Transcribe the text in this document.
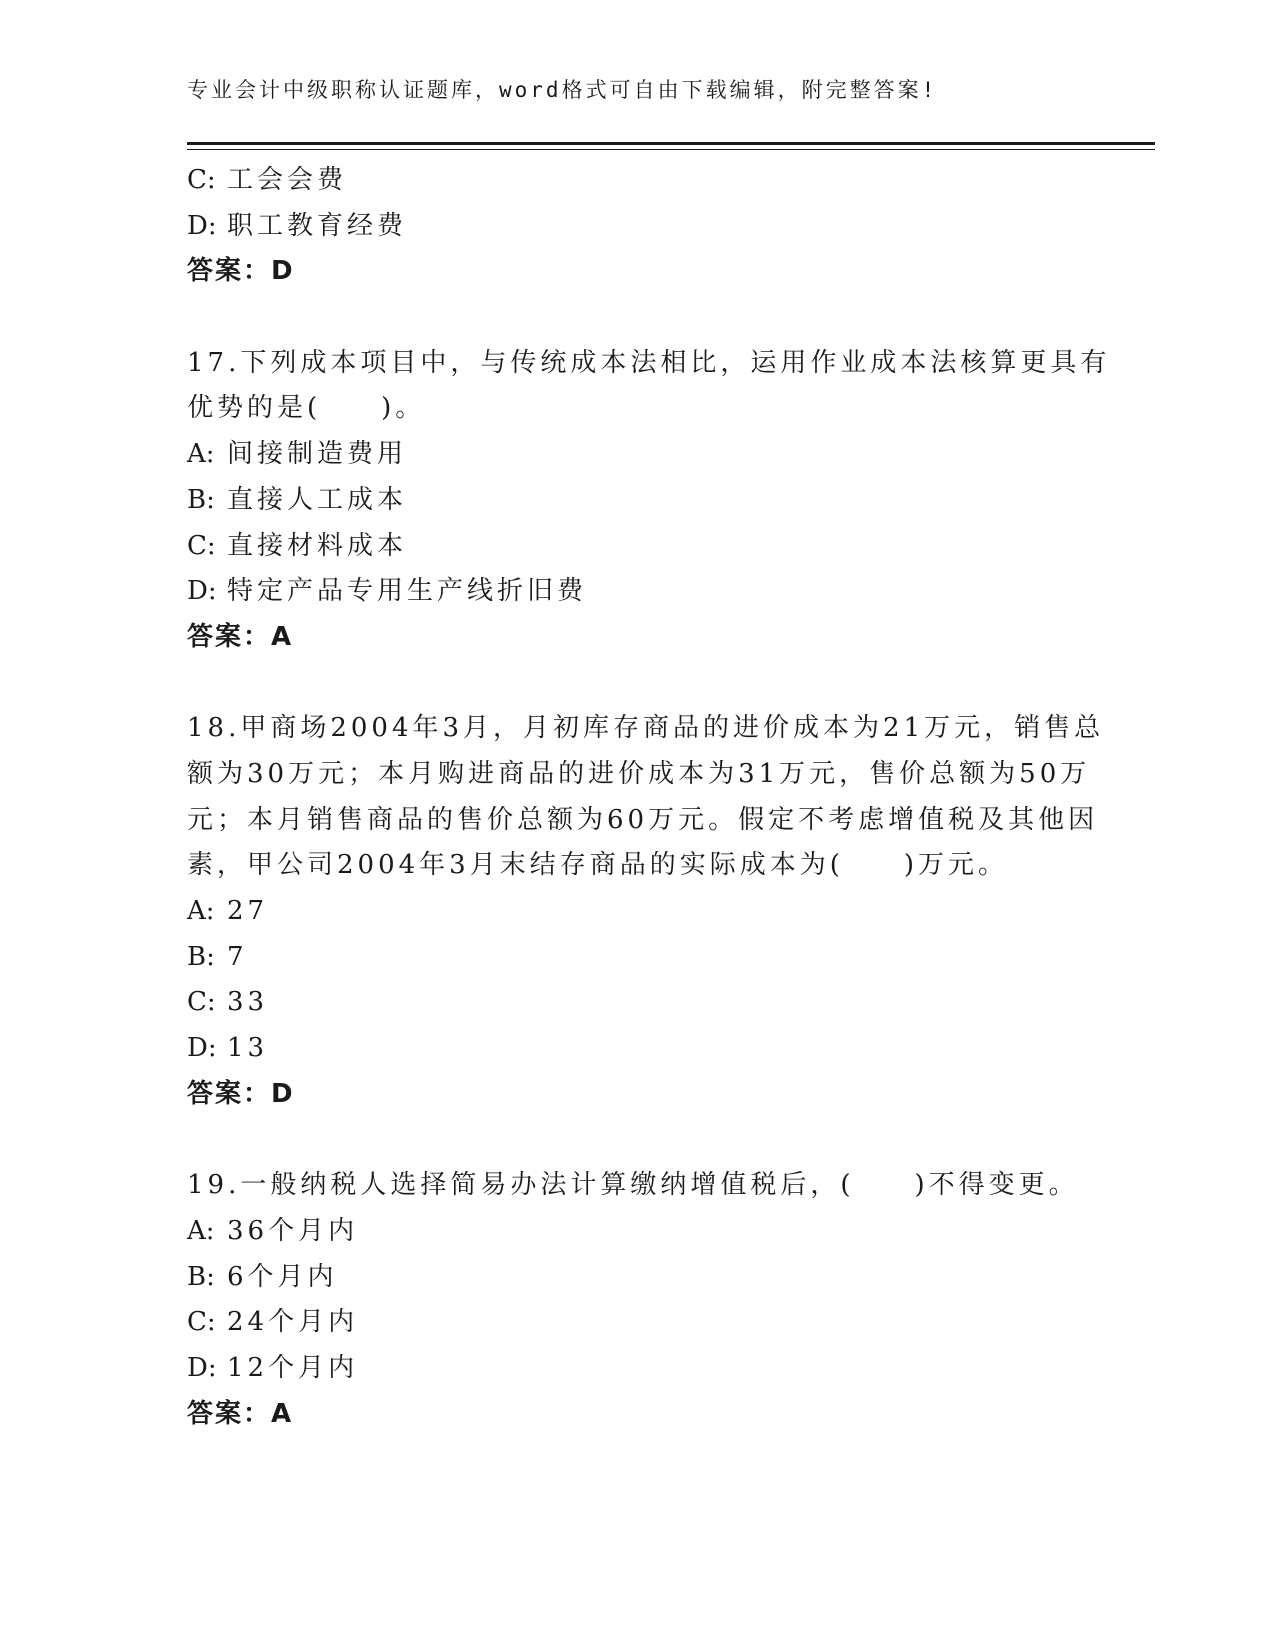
专业会计中级职称认证题库，word格式可自由下载编辑，附完整答案!
C: 工会会费
D: 职工教育经费
答案：D
17.下列成本项目中，与传统成本法相比，运用作业成本法核算更具有
优势的是(　　)。
A: 间接制造费用
B: 直接人工成本
C: 直接材料成本
D: 特定产品专用生产线折旧费
答案：A
18.甲商场2004年3月，月初库存商品的进价成本为21万元，销售总
额为30万元；本月购进商品的进价成本为31万元，售价总额为50万
元；本月销售商品的售价总额为60万元。假定不考虑增值税及其他因
素，甲公司2004年3月末结存商品的实际成本为(　　)万元。
A: 27
B: 7
C: 33
D: 13
答案：D
19.一般纳税人选择简易办法计算缴纳增值税后，(　　)不得变更。
A: 36个月内
B: 6个月内
C: 24个月内
D: 12个月内
答案：A
